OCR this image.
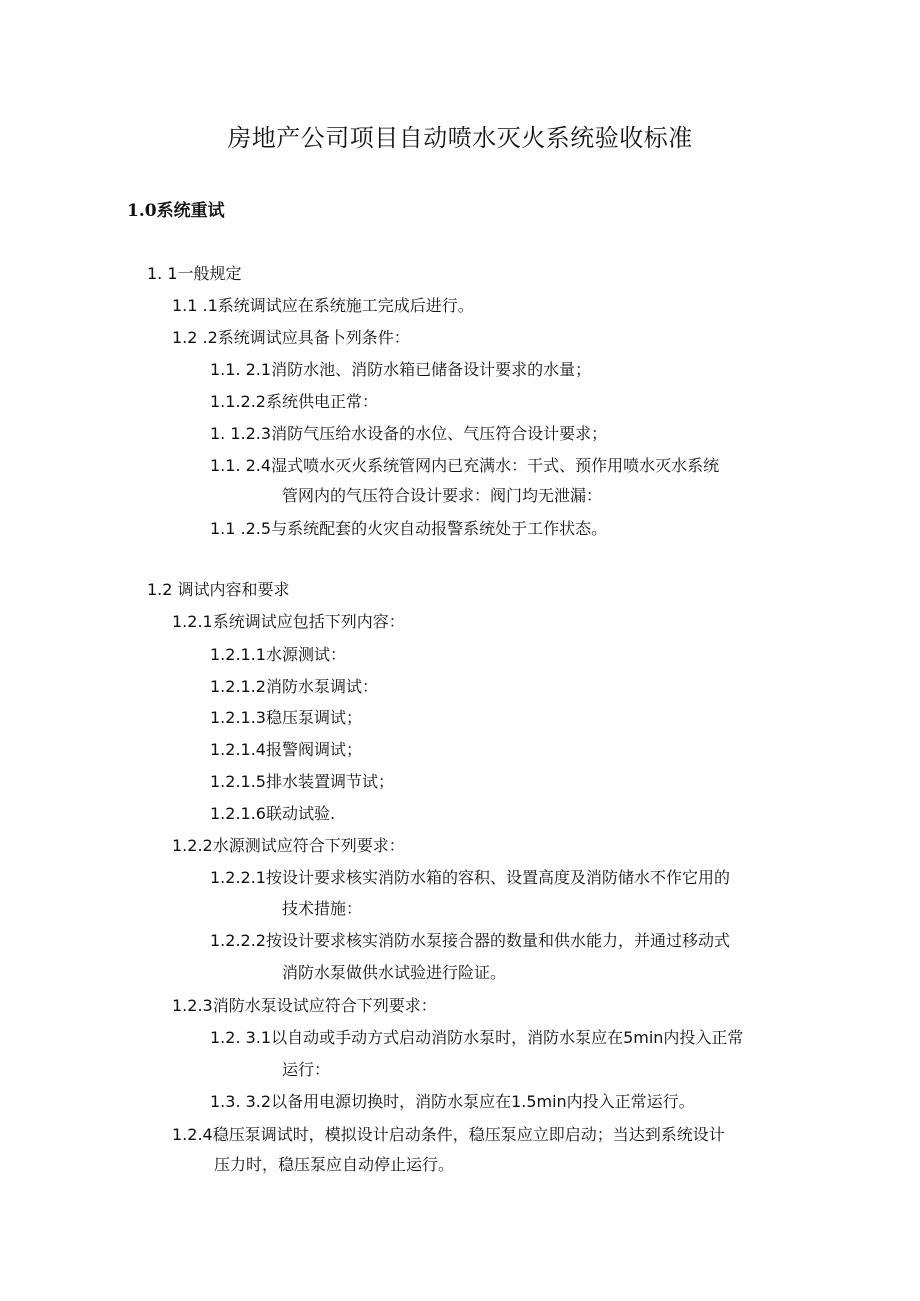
房地产公司项目自动喷水灭火系统验收标准
1.0系统重试
1. 1一般规定
1.1 .1系统调试应在系统施工完成后进行。
1.2 .2系统调试应具备卜列条件：
1.1. 2.1消防水池、消防水箱已储备设计要求的水量；
1.1.2.2系统供电正常：
1. 1.2.3消防气压给水设备的水位、气压符合设计要求；
1.1. 2.4湿式喷水灭火系统管网内已充满水：干式、预作用喷水灭水系统
管网内的气压符合设计要求：阀门均无泄漏：
1.1 .2.5与系统配套的火灾自动报警系统处于工作状态。
1.2 调试内容和要求
1.2.1系统调试应包括下列内容：
1.2.1.1水源测试：
1.2.1.2消防水泵调试：
1.2.1.3稳压泵调试；
1.2.1.4报警阀调试；
1.2.1.5排水装置调节试；
1.2.1.6联动试验.
1.2.2水源测试应符合下列要求：
1.2.2.1按设计要求核实消防水箱的容积、设置高度及消防储水不作它用的
技术措施：
1.2.2.2按设计要求核实消防水泵接合器的数量和供水能力，并通过移动式
消防水泵做供水试验进行险证。
1.2.3消防水泵设试应符合下列要求：
1.2. 3.1以自动或手动方式启动消防水泵时，消防水泵应在5min内投入正常
运行：
1.3. 3.2以备用电源切换时，消防水泵应在1.5min内投入正常运行。
1.2.4稳压泵调试时，模拟设计启动条件，稳压泵应立即启动；当达到系统设计
压力时，稳压泵应自动停止运行。
